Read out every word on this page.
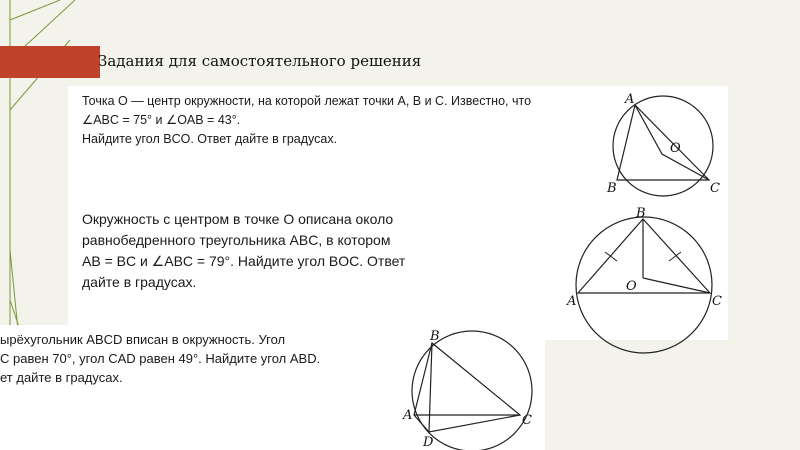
Задания для самостоятельного решения
Точка O — центр окружности, на которой лежат точки A, B и C. Известно, что
∠ABC = 75° и ∠OAB = 43°.
Найдите угол BCO. Ответ дайте в градусах.
A
B	C
O
Окружность с центром в точке O описана около
равнобедренного треугольника ABC, в котором
AB = BC и ∠ABC = 79°. Найдите угол BOC. Ответ
дайте в градусах.
B
A	C
O
ырёхугольник ABCD вписан в окружность. Угол
C равен 70°, угол CAD равен 49°. Найдите угол ABD.
ет дайте в градусах.
B
A	C
D
